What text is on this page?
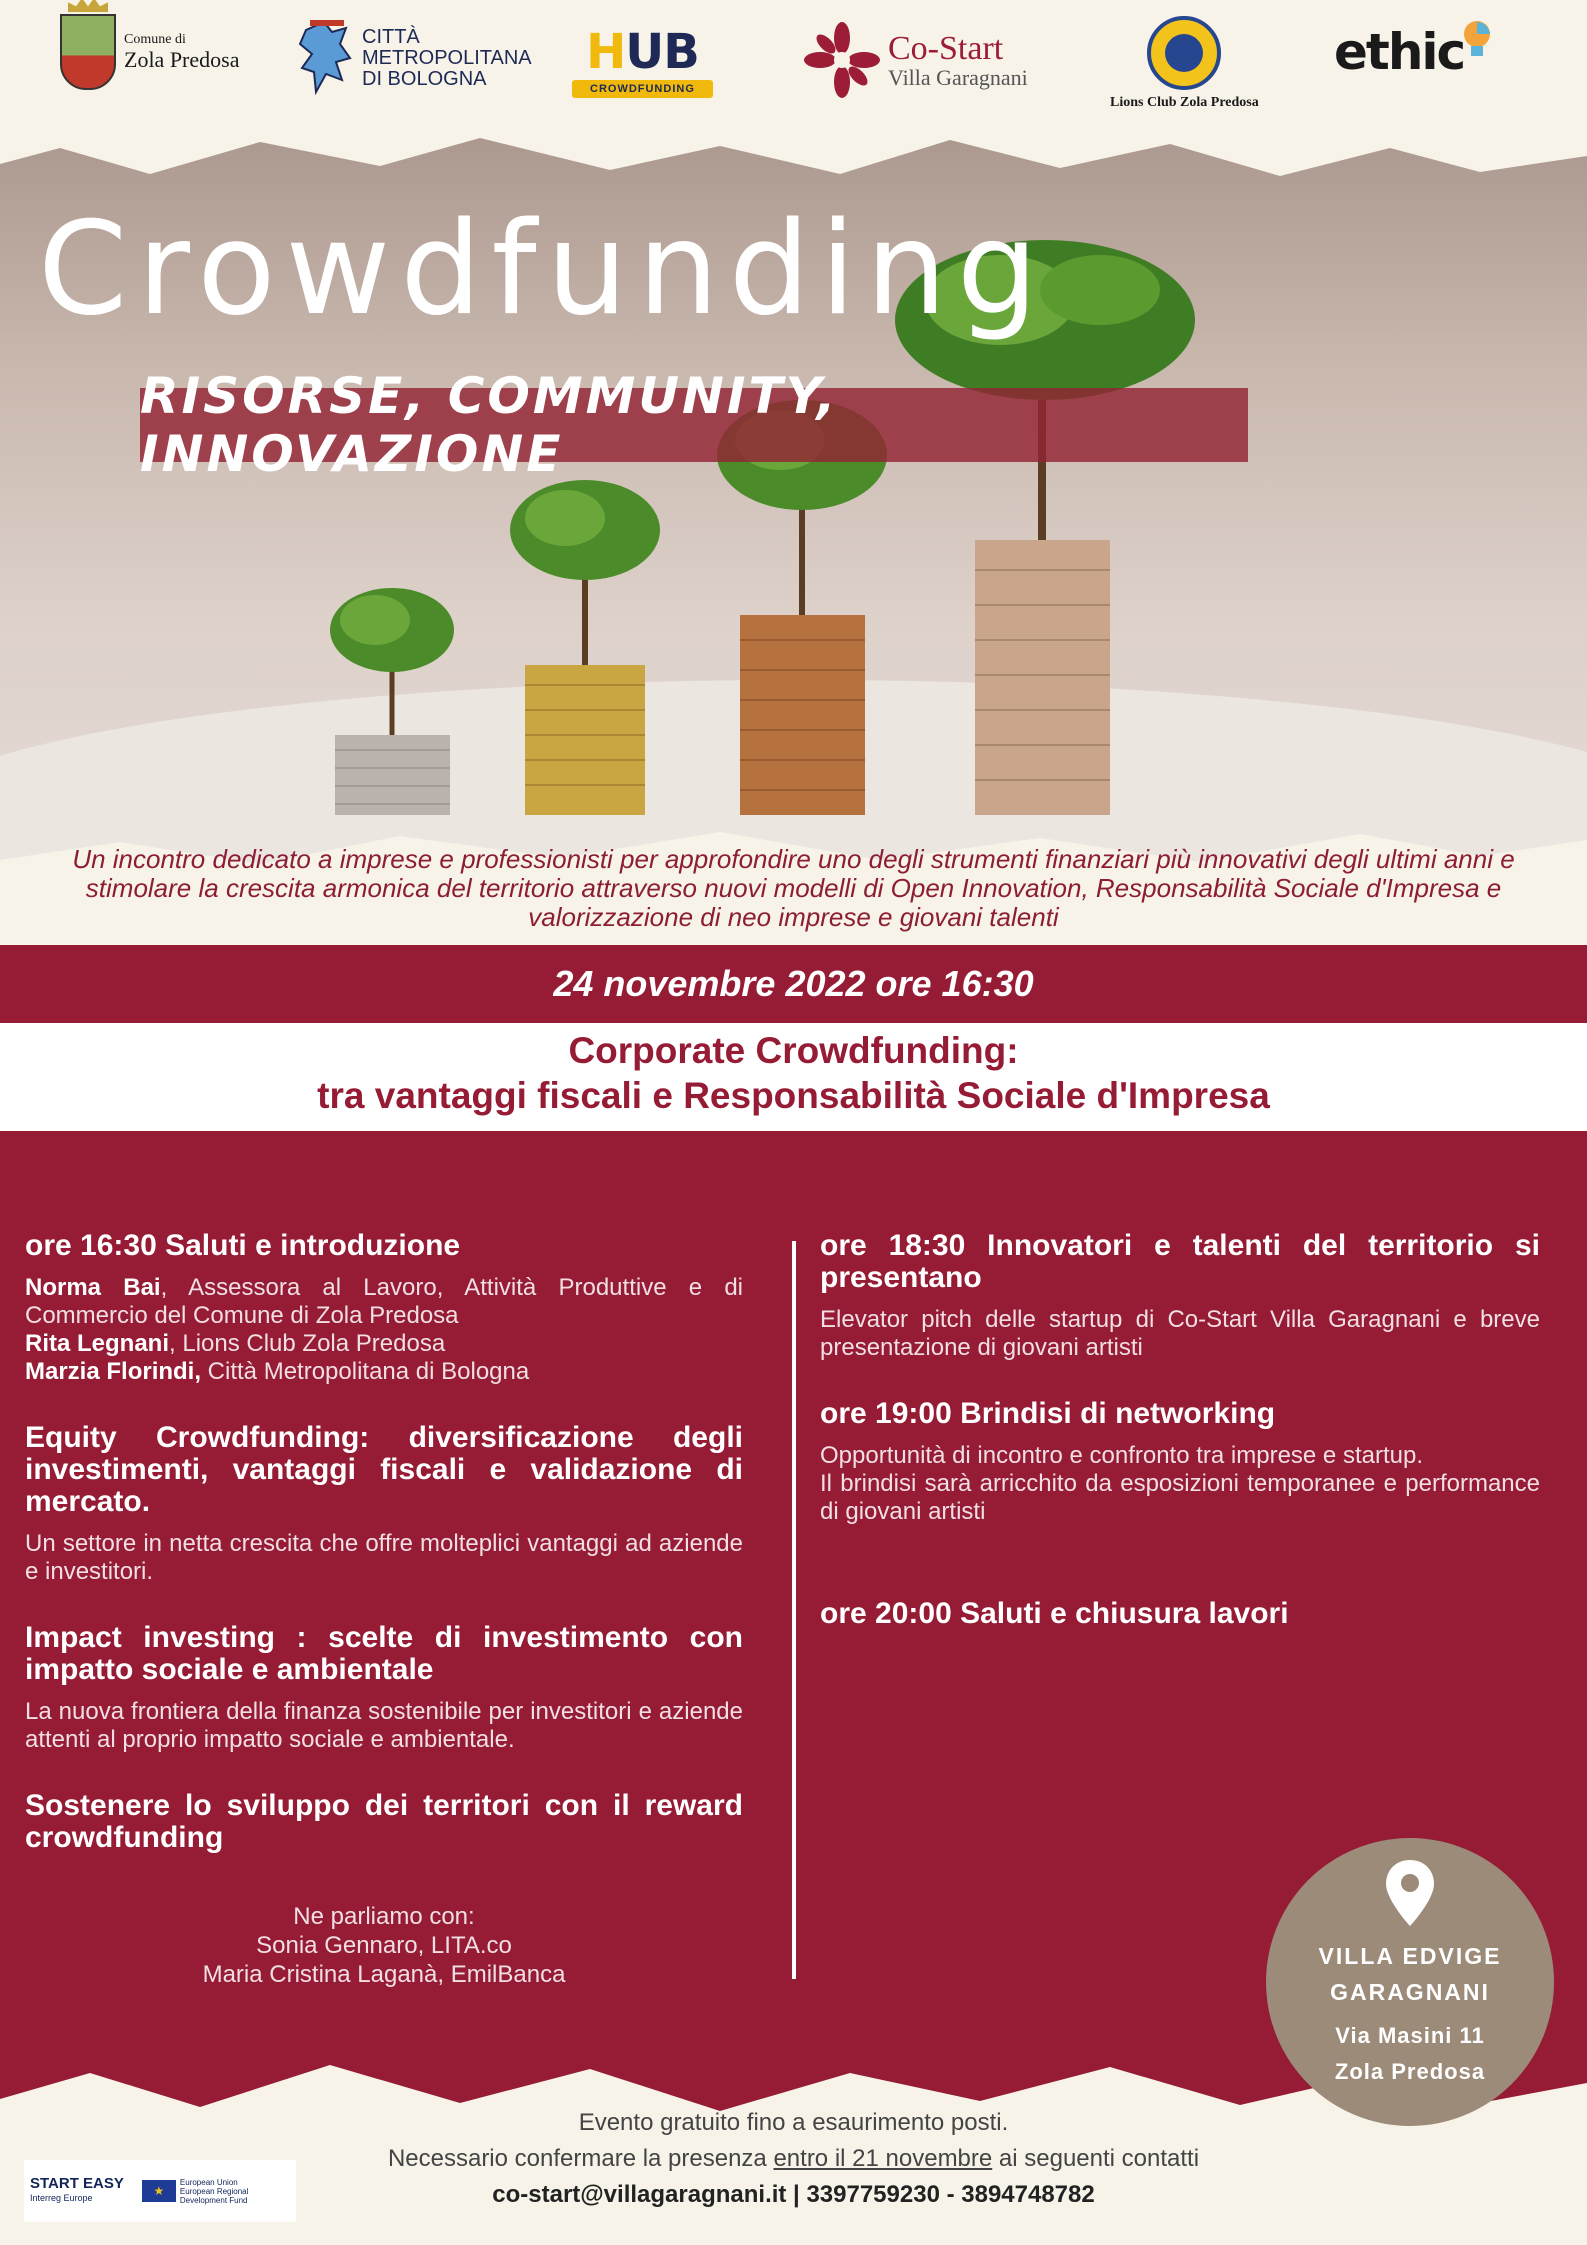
Comune di
Zola Predosa
CITTÀ
METROPOLITANA
DI BOLOGNA	HUB
CROWDFUNDING
Co-Start
Villa Garagnani
Lions Club Zola Predosa
ethic
Crowdfunding
RISORSE, COMMUNITY, INNOVAZIONE
Un incontro dedicato a imprese e professionisti per approfondire uno degli strumenti finanziari più innovativi degli ultimi anni e stimolare la crescita armonica del territorio attraverso nuovi modelli di Open Innovation, Responsabilità Sociale d'Impresa e valorizzazione di neo imprese e giovani talenti
24 novembre 2022 ore 16:30
Corporate Crowdfunding:
tra vantaggi fiscali e Responsabilità Sociale d'Impresa
ore 16:30 Saluti e introduzione
Norma Bai, Assessora al Lavoro, Attività Produttive e di Commercio del Comune di Zola Predosa
Rita Legnani, Lions Club Zola Predosa
Marzia Florindi, Città Metropolitana di Bologna
Equity Crowdfunding: diversificazione degli investimenti, vantaggi fiscali e validazione di mercato.
Un settore in netta crescita che offre molteplici vantaggi ad aziende e investitori.
Impact investing : scelte di investimento con impatto sociale e ambientale
La nuova frontiera della finanza sostenibile per investitori e aziende attenti al proprio impatto sociale e ambientale.
Sostenere lo sviluppo dei territori con il reward crowdfunding
Ne parliamo con:
Sonia Gennaro, LITA.co
Maria Cristina Laganà, EmilBanca
ore 18:30 Innovatori e talenti del territorio si presentano
Elevator pitch delle startup di Co-Start Villa Garagnani e breve presentazione di giovani artisti
ore 19:00 Brindisi di networking
Opportunità di incontro e confronto tra imprese e startup.
Il brindisi sarà arricchito da esposizioni temporanee e performance di giovani artisti
ore 20:00 Saluti e chiusura lavori
VILLA EDVIGE
GARAGNANI
Via Masini 11
Zola Predosa
Evento gratuito fino a esaurimento posti.
Necessario confermare la presenza entro il 21 novembre ai seguenti contatti
co-start@villagaragnani.it | 3397759230 - 3894748782
START EASY
Interreg Europe	★
European Union
European Regional
Development Fund
